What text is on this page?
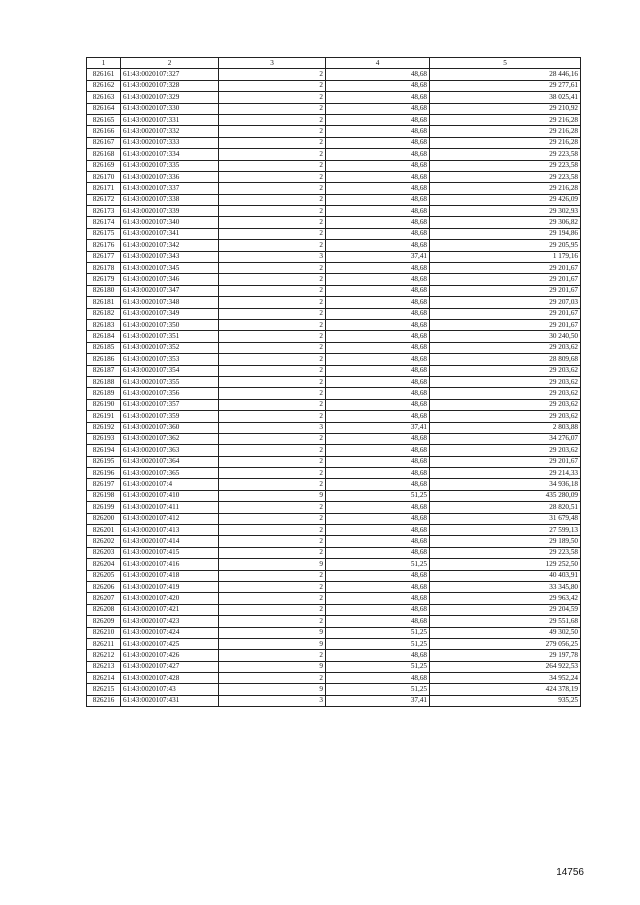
1	2	3	4	5
826161	61:43:0020107:327	2	48,68	28 446,16
826162	61:43:0020107:328	2	48,68	29 277,61
826163	61:43:0020107:329	2	48,68	38 025,41
826164	61:43:0020107:330	2	48,68	29 210,92
826165	61:43:0020107:331	2	48,68	29 216,28
826166	61:43:0020107:332	2	48,68	29 216,28
826167	61:43:0020107:333	2	48,68	29 216,28
826168	61:43:0020107:334	2	48,68	29 223,58
826169	61:43:0020107:335	2	48,68	29 223,58
826170	61:43:0020107:336	2	48,68	29 223,58
826171	61:43:0020107:337	2	48,68	29 216,28
826172	61:43:0020107:338	2	48,68	29 426,09
826173	61:43:0020107:339	2	48,68	29 302,93
826174	61:43:0020107:340	2	48,68	29 306,82
826175	61:43:0020107:341	2	48,68	29 194,86
826176	61:43:0020107:342	2	48,68	29 205,95
826177	61:43:0020107:343	3	37,41	1 179,16
826178	61:43:0020107:345	2	48,68	29 201,67
826179	61:43:0020107:346	2	48,68	29 201,67
826180	61:43:0020107:347	2	48,68	29 201,67
826181	61:43:0020107:348	2	48,68	29 207,03
826182	61:43:0020107:349	2	48,68	29 201,67
826183	61:43:0020107:350	2	48,68	29 201,67
826184	61:43:0020107:351	2	48,68	30 240,50
826185	61:43:0020107:352	2	48,68	29 203,62
826186	61:43:0020107:353	2	48,68	28 809,68
826187	61:43:0020107:354	2	48,68	29 203,62
826188	61:43:0020107:355	2	48,68	29 203,62
826189	61:43:0020107:356	2	48,68	29 203,62
826190	61:43:0020107:357	2	48,68	29 203,62
826191	61:43:0020107:359	2	48,68	29 203,62
826192	61:43:0020107:360	3	37,41	2 803,88
826193	61:43:0020107:362	2	48,68	34 276,07
826194	61:43:0020107:363	2	48,68	29 203,62
826195	61:43:0020107:364	2	48,68	29 201,67
826196	61:43:0020107:365	2	48,68	29 214,33
826197	61:43:0020107:4	2	48,68	34 936,18
826198	61:43:0020107:410	9	51,25	435 280,09
826199	61:43:0020107:411	2	48,68	28 820,51
826200	61:43:0020107:412	2	48,68	31 679,48
826201	61:43:0020107:413	2	48,68	27 599,13
826202	61:43:0020107:414	2	48,68	29 189,50
826203	61:43:0020107:415	2	48,68	29 223,58
826204	61:43:0020107:416	9	51,25	129 252,50
826205	61:43:0020107:418	2	48,68	40 403,91
826206	61:43:0020107:419	2	48,68	33 345,80
826207	61:43:0020107:420	2	48,68	29 963,42
826208	61:43:0020107:421	2	48,68	29 204,59
826209	61:43:0020107:423	2	48,68	29 551,68
826210	61:43:0020107:424	9	51,25	49 302,50
826211	61:43:0020107:425	9	51,25	279 056,25
826212	61:43:0020107:426	2	48,68	29 197,78
826213	61:43:0020107:427	9	51,25	264 922,53
826214	61:43:0020107:428	2	48,68	34 952,24
826215	61:43:0020107:43	9	51,25	424 378,19
826216	61:43:0020107:431	3	37,41	935,25
14756
